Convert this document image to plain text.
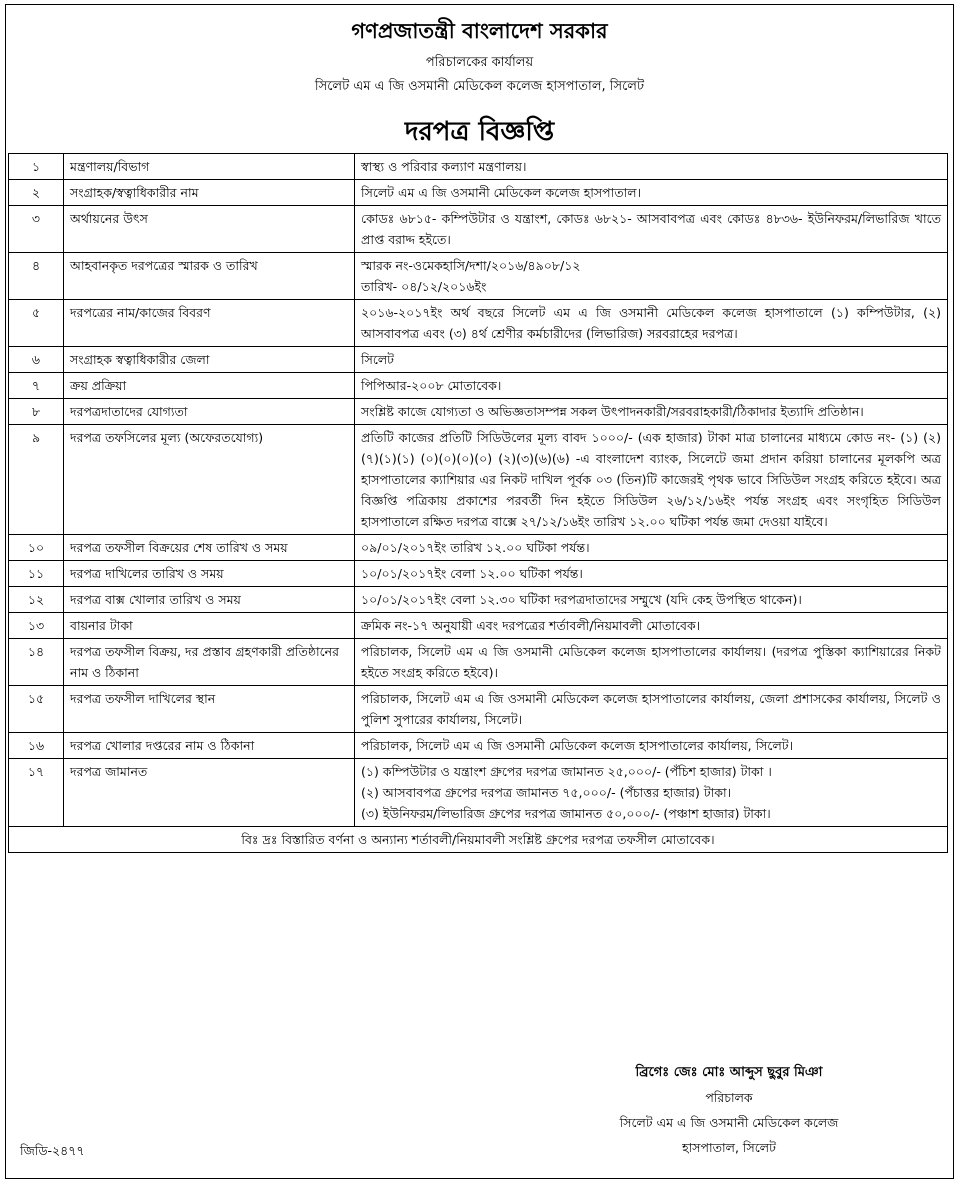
গণপ্রজাতন্ত্রী বাংলাদেশ সরকার
পরিচালকের কার্যালয়
সিলেট এম এ জি ওসমানী মেডিকেল কলেজ হাসপাতাল, সিলেট
দরপত্র বিজ্ঞপ্তি
১	মন্ত্রণালয়/বিভাগ	স্বাস্থ্য ও পরিবার কল্যাণ মন্ত্রণালয়।

২	সংগ্রাহক/স্বত্বাধিকারীর নাম	সিলেট এম এ জি ওসমানী মেডিকেল কলেজ হাসপাতাল।

৩	অর্থায়নের উৎস	কোডঃ ৬৮১৫- কম্পিউটার ও যন্ত্রাংশ, কোডঃ ৬৮২১- আসবাবপত্র এবং কোডঃ ৪৮৩৬- ইউনিফরম/লিভারিজ খাতে প্রাপ্ত বরাদ্দ হইতে।

৪	আহবানকৃত দরপত্রের স্মারক ও তারিখ	স্মারক নং-ওমেকহাসি/দশা/২০১৬/৪৯০৮/১২
তারিখ- ০৪/১২/২০১৬ইং

৫	দরপত্রের নাম/কাজের বিবরণ	২০১৬-২০১৭ইং অর্থ বছরে সিলেট এম এ জি ওসমানী মেডিকেল কলেজ হাসপাতালে (১) কম্পিউটার, (২) আসবাবপত্র এবং (৩) ৪র্থ শ্রেণীর কর্মচারীদের (লিভারিজ) সরবরাহের দরপত্র।

৬	সংগ্রাহক স্বত্বাধিকারীর জেলা	সিলেট

৭	ক্রয় প্রক্রিয়া	পিপিআর-২০০৮ মোতাবেক।

৮	দরপত্রদাতাদের যোগ্যতা	সংশ্লিষ্ট কাজে যোগ্যতা ও অভিজ্ঞতাসম্পন্ন সকল উৎপাদনকারী/সরবরাহকারী/ঠিকাদার ইত্যাদি প্রতিষ্ঠান।

৯	দরপত্র তফসিলের মূল্য (অফেরতযোগ্য)	প্রতিটি কাজের প্রতিটি সিডিউলের মূল্য বাবদ ১০০০/- (এক হাজার) টাকা মাত্র চালানের মাধ্যমে কোড নং- (১) (২)(৭)(১)(১) (০)(০)(০)(০) (২)(৩)(৬)(৬) -এ বাংলাদেশ ব্যাংক, সিলেটে জমা প্রদান করিয়া চালানের মূলকপি অত্র হাসপাতালের ক্যাশিয়ার এর নিকট দাখিল পূর্বক ০৩ (তিন)টি কাজেরই পৃথক ভাবে সিডিউল সংগ্রহ করিতে হইবে। অত্র বিজ্ঞপ্তি পত্রিকায় প্রকাশের পরবর্তী দিন হইতে সিডিউল ২৬/১২/১৬ইং পর্যন্ত সংগ্রহ এবং সংগৃহিত সিডিউল হাসপাতালে রক্ষিত দরপত্র বাক্সে ২৭/১২/১৬ইং তারিখ ১২.০০ ঘটিকা পর্যন্ত জমা দেওয়া যাইবে।

১০	দরপত্র তফসীল বিক্রয়ের শেষ তারিখ ও সময়	০৯/০১/২০১৭ইং তারিখ ১২.০০ ঘটিকা পর্যন্ত।

১১	দরপত্র দাখিলের তারিখ ও সময়	১০/০১/২০১৭ইং বেলা ১২.০০ ঘটিকা পর্যন্ত।

১২	দরপত্র বাক্স খোলার তারিখ ও সময়	১০/০১/২০১৭ইং বেলা ১২.৩০ ঘটিকা দরপত্রদাতাদের সম্মুখে (যদি কেহ উপস্থিত থাকেন)।

১৩	বায়নার টাকা	ক্রমিক নং-১৭ অনুযায়ী এবং দরপত্রের শর্তাবলী/নিয়মাবলী মোতাবেক।

১৪	দরপত্র তফসীল বিক্রয়, দর প্রস্তাব গ্রহণকারী প্রতিষ্ঠানের নাম ও ঠিকানা	পরিচালক, সিলেট এম এ জি ওসমানী মেডিকেল কলেজ হাসপাতালের কার্যালয়। (দরপত্র পুস্তিকা ক্যাশিয়ারের নিকট হইতে সংগ্রহ করিতে হইবে)।

১৫	দরপত্র তফসীল দাখিলের স্থান	পরিচালক, সিলেট এম এ জি ওসমানী মেডিকেল কলেজ হাসপাতালের কার্যালয়, জেলা প্রশাসকের কার্যালয়, সিলেট ও পুলিশ সুপারের কার্যালয়, সিলেট।

১৬	দরপত্র খোলার দপ্তরের নাম ও ঠিকানা	পরিচালক, সিলেট এম এ জি ওসমানী মেডিকেল কলেজ হাসপাতালের কার্যালয়, সিলেট।

১৭	দরপত্র জামানত	(১) কম্পিউটার ও যন্ত্রাংশ গ্রুপের দরপত্র জামানত ২৫,০০০/- (পঁচিশ হাজার) টাকা ।
(২) আসবাবপত্র গ্রুপের দরপত্র জামানত ৭৫,০০০/- (পঁচাত্তর হাজার) টাকা।
(৩) ইউনিফরম/লিভারিজ গ্রুপের দরপত্র জামানত ৫০,০০০/- (পঞ্চাশ হাজার) টাকা।

বিঃ দ্রঃ বিস্তারিত বর্ণনা ও অন্যান্য শর্তাবলী/নিয়মাবলী সংশ্লিষ্ট গ্রুপের দরপত্র তফসীল মোতাবেক।		
ব্রিগেঃ জেঃ মোঃ আব্দুস ছুবুর মিঞা
পরিচালক
সিলেট এম এ জি ওসমানী মেডিকেল কলেজ
হাসপাতাল, সিলেট
জিডি-২৪৭৭
